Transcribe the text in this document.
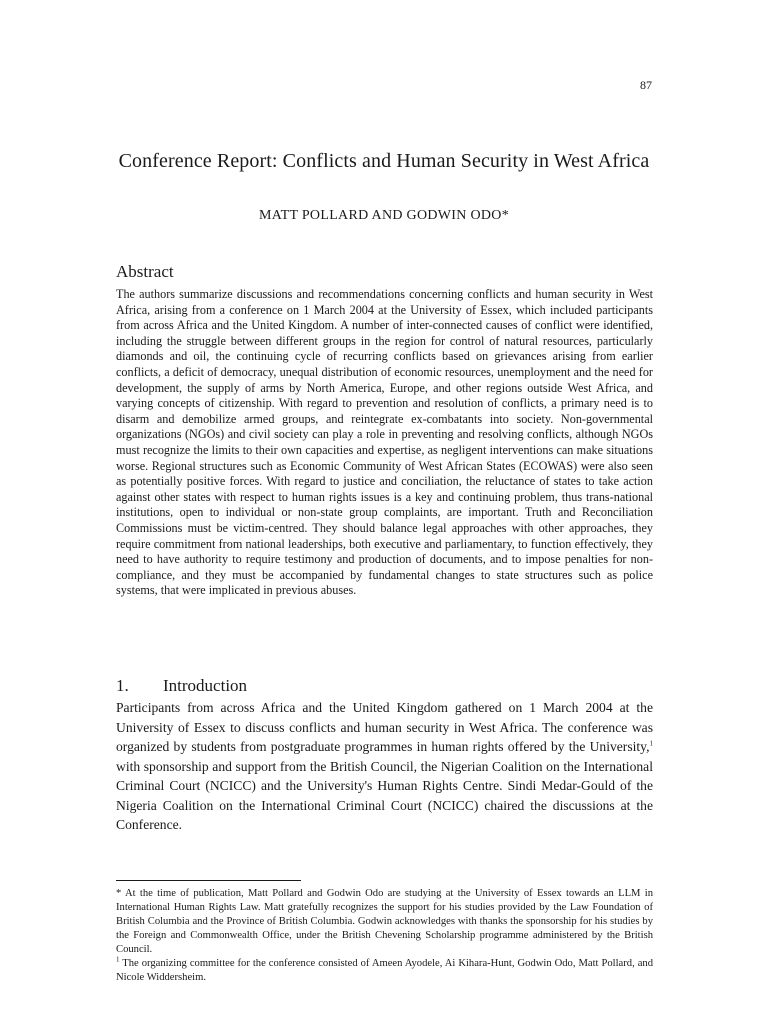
87
Conference Report: Conflicts and Human Security in West Africa
MATT POLLARD AND GODWIN ODO*
Abstract

The authors summarize discussions and recommendations concerning conflicts and human security in West Africa, arising from a conference on 1 March 2004 at the University of Essex, which included participants from across Africa and the United Kingdom. A number of inter-connected causes of conflict were identified, including the struggle between different groups in the region for control of natural resources, particularly diamonds and oil, the continuing cycle of recurring conflicts based on grievances arising from earlier conflicts, a deficit of democracy, unequal distribution of economic resources, unemployment and the need for development, the supply of arms by North America, Europe, and other regions outside West Africa, and varying concepts of citizenship. With regard to prevention and resolution of conflicts, a primary need is to disarm and demobilize armed groups, and reintegrate ex-combatants into society. Non-governmental organizations (NGOs) and civil society can play a role in preventing and resolving conflicts, although NGOs must recognize the limits to their own capacities and expertise, as negligent interventions can make situations worse. Regional structures such as Economic Community of West African States (ECOWAS) were also seen as potentially positive forces. With regard to justice and conciliation, the reluctance of states to take action against other states with respect to human rights issues is a key and continuing problem, thus trans-national institutions, open to individual or non-state group complaints, are important. Truth and Reconciliation Commissions must be victim-centred. They should balance legal approaches with other approaches, they require commitment from national leaderships, both executive and parliamentary, to function effectively, they need to have authority to require testimony and production of documents, and to impose penalties for non-compliance, and they must be accompanied by fundamental changes to state structures such as police systems, that were implicated in previous abuses.

1.	Introduction

Participants from across Africa and the United Kingdom gathered on 1 March 2004 at the University of Essex to discuss conflicts and human security in West Africa. The conference was organized by students from postgraduate programmes in human rights offered by the University,$^1$ with sponsorship and support from the British Council, the Nigerian Coalition on the International Criminal Court (NCICC) and the University's Human Rights Centre. Sindi Medar-Gould of the Nigeria Coalition on the International Criminal Court (NCICC) chaired the discussions at the Conference.

* At the time of publication, Matt Pollard and Godwin Odo are studying at the University of Essex towards an LLM in International Human Rights Law. Matt gratefully recognizes the support for his studies provided by the Law Foundation of British Columbia and the Province of British Columbia. Godwin acknowledges with thanks the sponsorship for his studies by the Foreign and Commonwealth Office, under the British Chevening Scholarship programme administered by the British Council.

$^1$ The organizing committee for the conference consisted of Ameen Ayodele, Ai Kihara-Hunt, Godwin Odo, Matt Pollard, and Nicole Widdersheim.
